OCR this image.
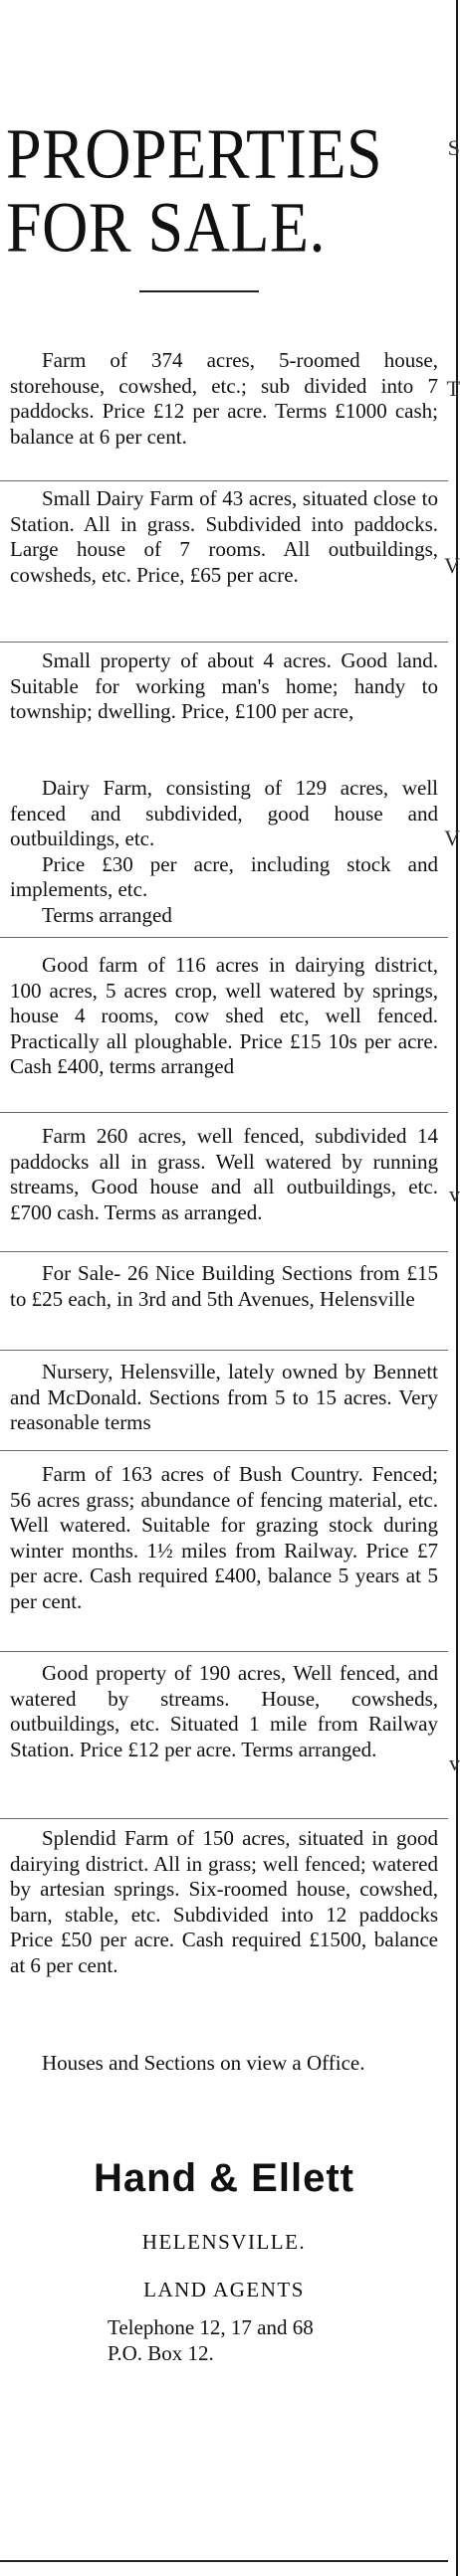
PROPERTIES
FOR SALE.

Farm of 374 acres, 5-roomed house, storehouse, cowshed, etc.; sub divided into 7 paddocks. Price £12 per acre. Terms £1000 cash; balance at 6 per cent.

Small Dairy Farm of 43 acres, situated close to Station. All in grass. Subdivided into paddocks. Large house of 7 rooms. All outbuildings, cowsheds, etc. Price, £65 per acre.

Small property of about 4 acres. Good land. Suitable for working man's home; handy to township; dwelling. Price, £100 per acre,

Dairy Farm, consisting of 129 acres, well fenced and subdivided, good house and outbuildings, etc.

Price £30 per acre, including stock and implements, etc.

Terms arranged

Good farm of 116 acres in dairying district, 100 acres, 5 acres crop, well watered by springs, house 4 rooms, cow shed etc, well fenced. Practically all ploughable. Price £15 10s per acre. Cash £400, terms arranged

Farm 260 acres, well fenced, subdivided 14 paddocks all in grass. Well watered by running streams, Good house and all outbuildings, etc. £700 cash. Terms as arranged.

For Sale- 26 Nice Building Sections from £15 to £25 each, in 3rd and 5th Avenues, Helensville

Nursery, Helensville, lately owned by Bennett and McDonald. Sections from 5 to 15 acres. Very reasonable terms

Farm of 163 acres of Bush Country. Fenced; 56 acres grass; abundance of fencing material, etc. Well watered. Suitable for grazing stock during winter months. 1½ miles from Railway. Price £7 per acre. Cash required £400, balance 5 years at 5 per cent.

Good property of 190 acres, Well fenced, and watered by streams. House, cowsheds, outbuildings, etc. Situated 1 mile from Railway Station. Price £12 per acre. Terms arranged.

Splendid Farm of 150 acres, situated in good dairying district. All in grass; well fenced; watered by artesian springs. Six-roomed house, cowshed, barn, stable, etc. Subdivided into 12 paddocks Price £50 per acre. Cash required £1500, balance at 6 per cent.

Houses and Sections on view a Office.

Hand & Ellett
HELENSVILLE.
LAND AGENTS
Telephone 12, 17 and 68
P.O. Box 12.
S
T
V
V
v
v
